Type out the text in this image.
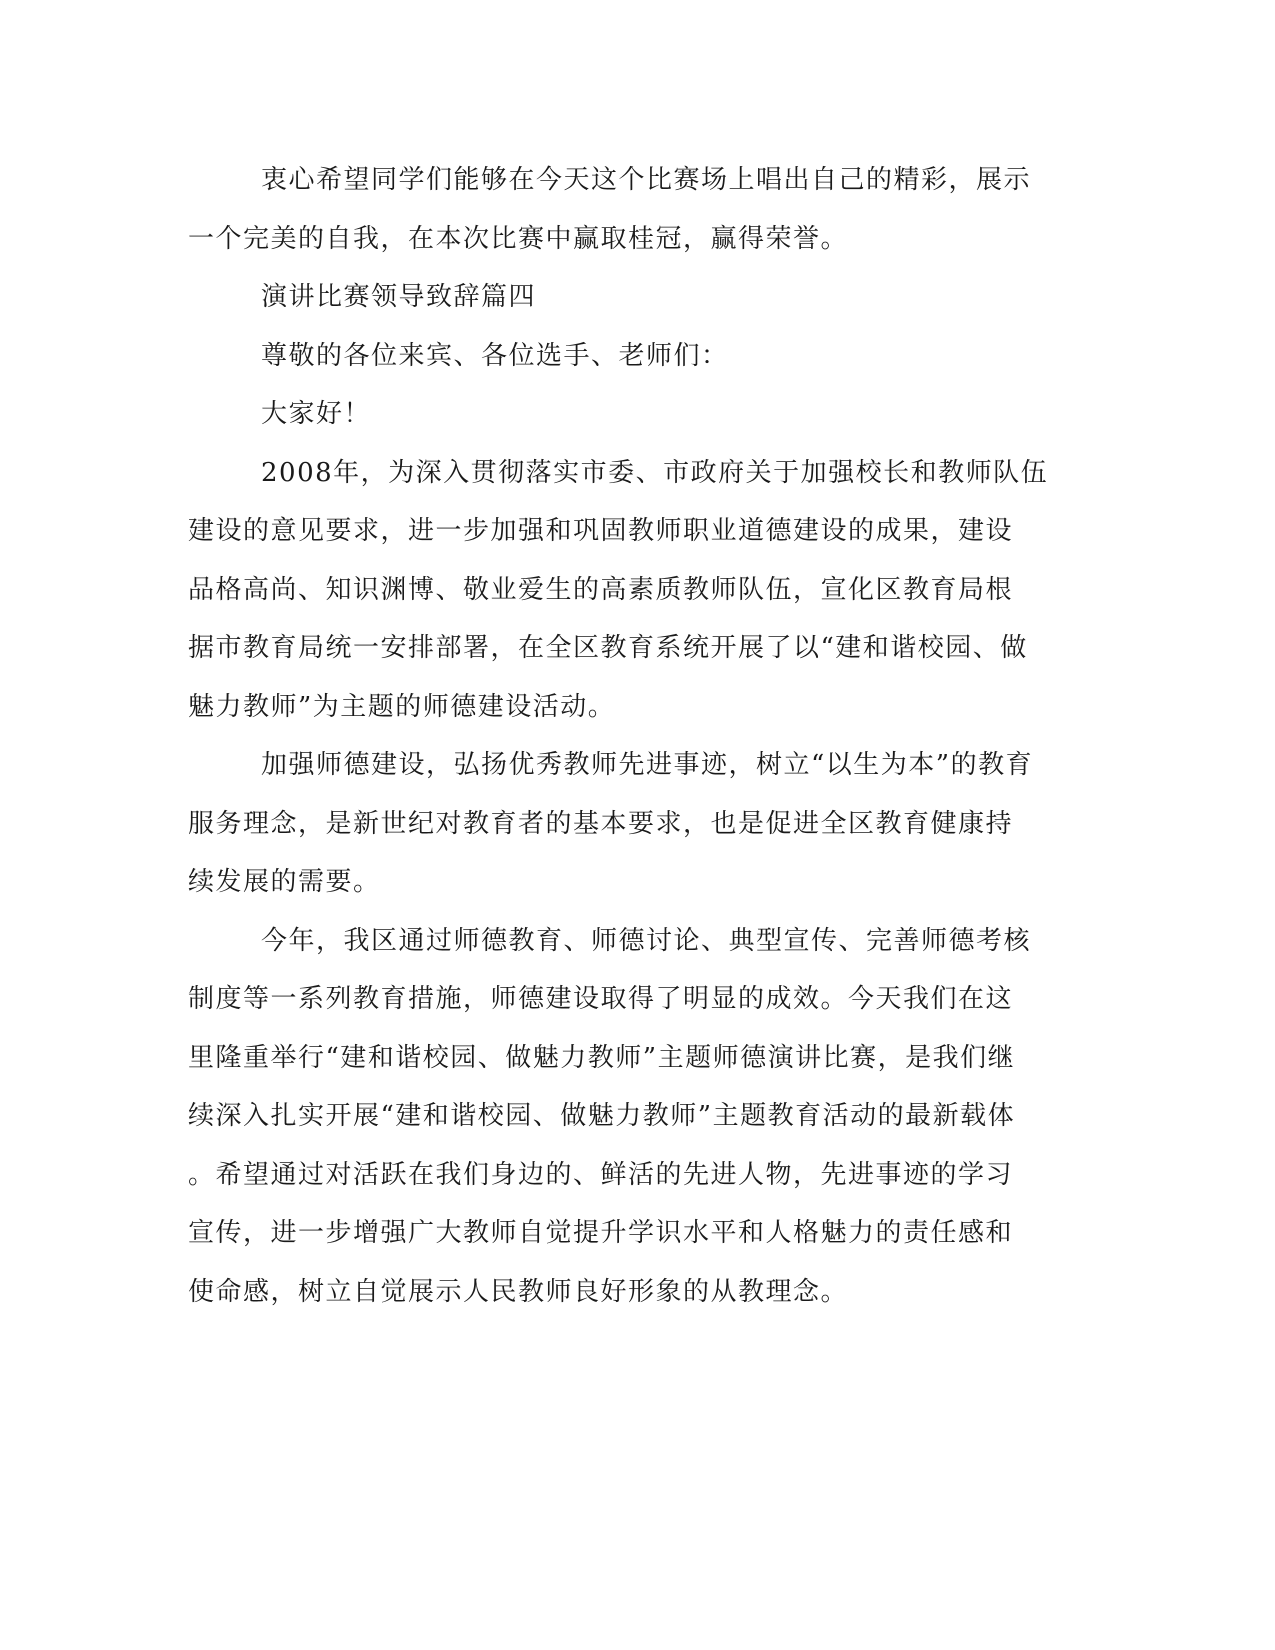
衷心希望同学们能够在今天这个比赛场上唱出自己的精彩，展示

一个完美的自我，在本次比赛中赢取桂冠，赢得荣誉。

演讲比赛领导致辞篇四

尊敬的各位来宾、各位选手、老师们：

大家好！

2008年，为深入贯彻落实市委、市政府关于加强校长和教师队伍

建设的意见要求，进一步加强和巩固教师职业道德建设的成果，建设

品格高尚、知识渊博、敬业爱生的高素质教师队伍，宣化区教育局根

据市教育局统一安排部署，在全区教育系统开展了以“建和谐校园、做

魅力教师”为主题的师德建设活动。

加强师德建设，弘扬优秀教师先进事迹，树立“以生为本”的教育

服务理念，是新世纪对教育者的基本要求，也是促进全区教育健康持

续发展的需要。

今年，我区通过师德教育、师德讨论、典型宣传、完善师德考核

制度等一系列教育措施，师德建设取得了明显的成效。今天我们在这

里隆重举行“建和谐校园、做魅力教师”主题师德演讲比赛，是我们继

续深入扎实开展“建和谐校园、做魅力教师”主题教育活动的最新载体

。希望通过对活跃在我们身边的、鲜活的先进人物，先进事迹的学习

宣传，进一步增强广大教师自觉提升学识水平和人格魅力的责任感和

使命感，树立自觉展示人民教师良好形象的从教理念。
